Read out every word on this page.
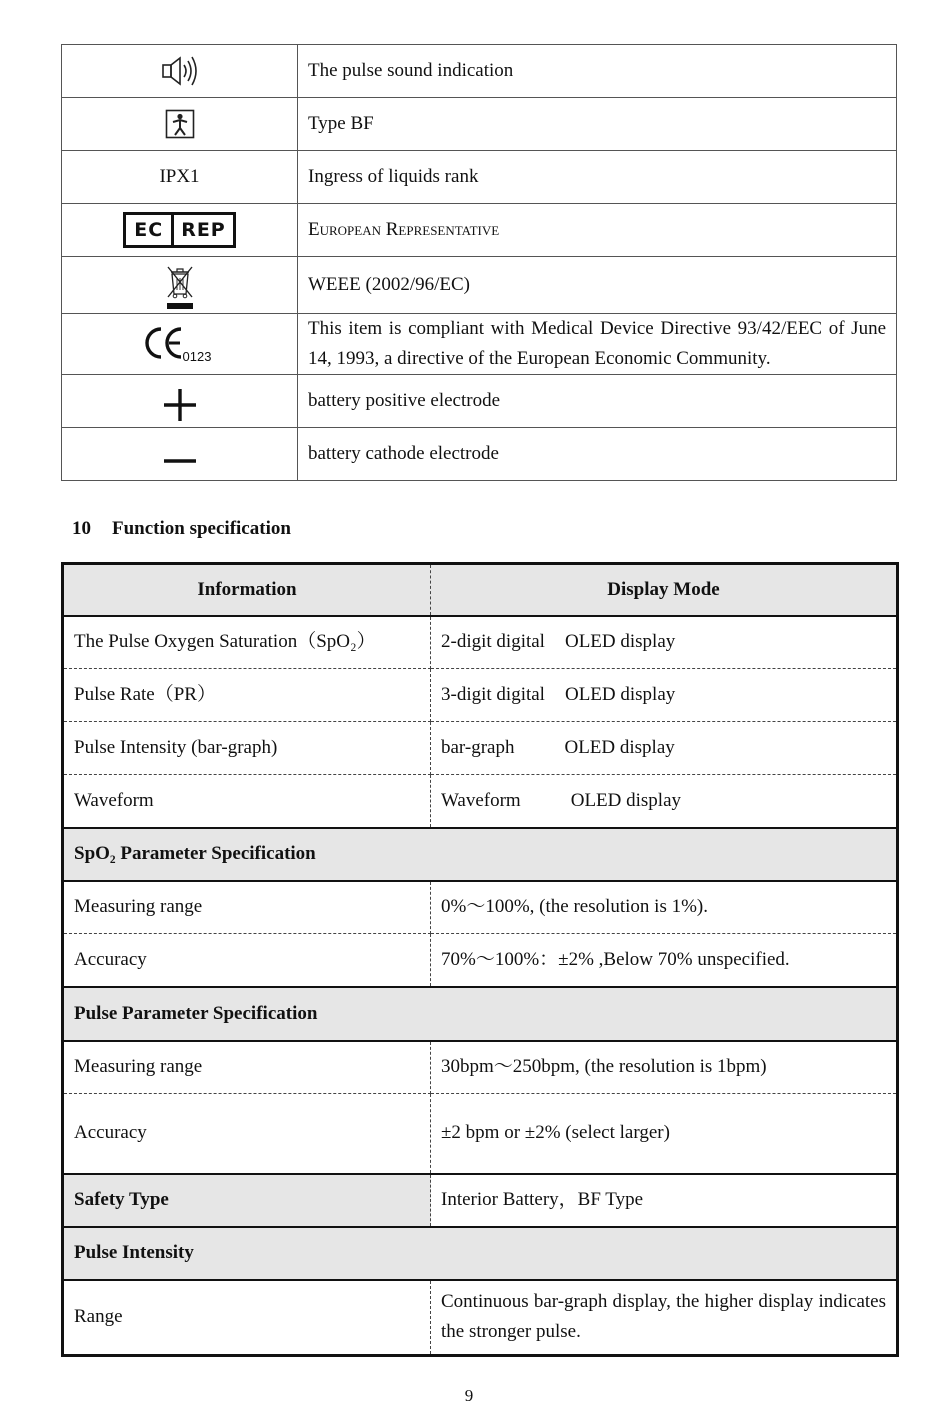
	The pulse sound indication
	Type BF
IPX1	Ingress of liquids rank

EC REP	European Representative
	WEEE (2002/96/EC)

0123	This item is compliant with Medical Device Directive 93/42/EEC of June 14, 1993, a directive of the European Economic Community.
	battery positive electrode
	battery cathode electrode
10 Function specification
Information	Display Mode
The Pulse Oxygen Saturation（SpO₂）	2-digit digital OLED display
Pulse Rate（PR）	3-digit digital OLED display
Pulse Intensity (bar-graph)	bar-graph OLED display
Waveform	Waveform OLED display
SpO₂ Parameter Specification	
Measuring range	0%～100%, (the resolution is 1%).
Accuracy	70%～100%：±2% ,Below 70% unspecified.
Pulse Parameter Specification	
Measuring range	30bpm～250bpm, (the resolution is 1bpm)
Accuracy	±2 bpm or ±2% (select larger)
Safety Type	Interior Battery，BF Type
Pulse Intensity	
Range	Continuous bar-graph display, the higher display indicates the stronger pulse.
9
